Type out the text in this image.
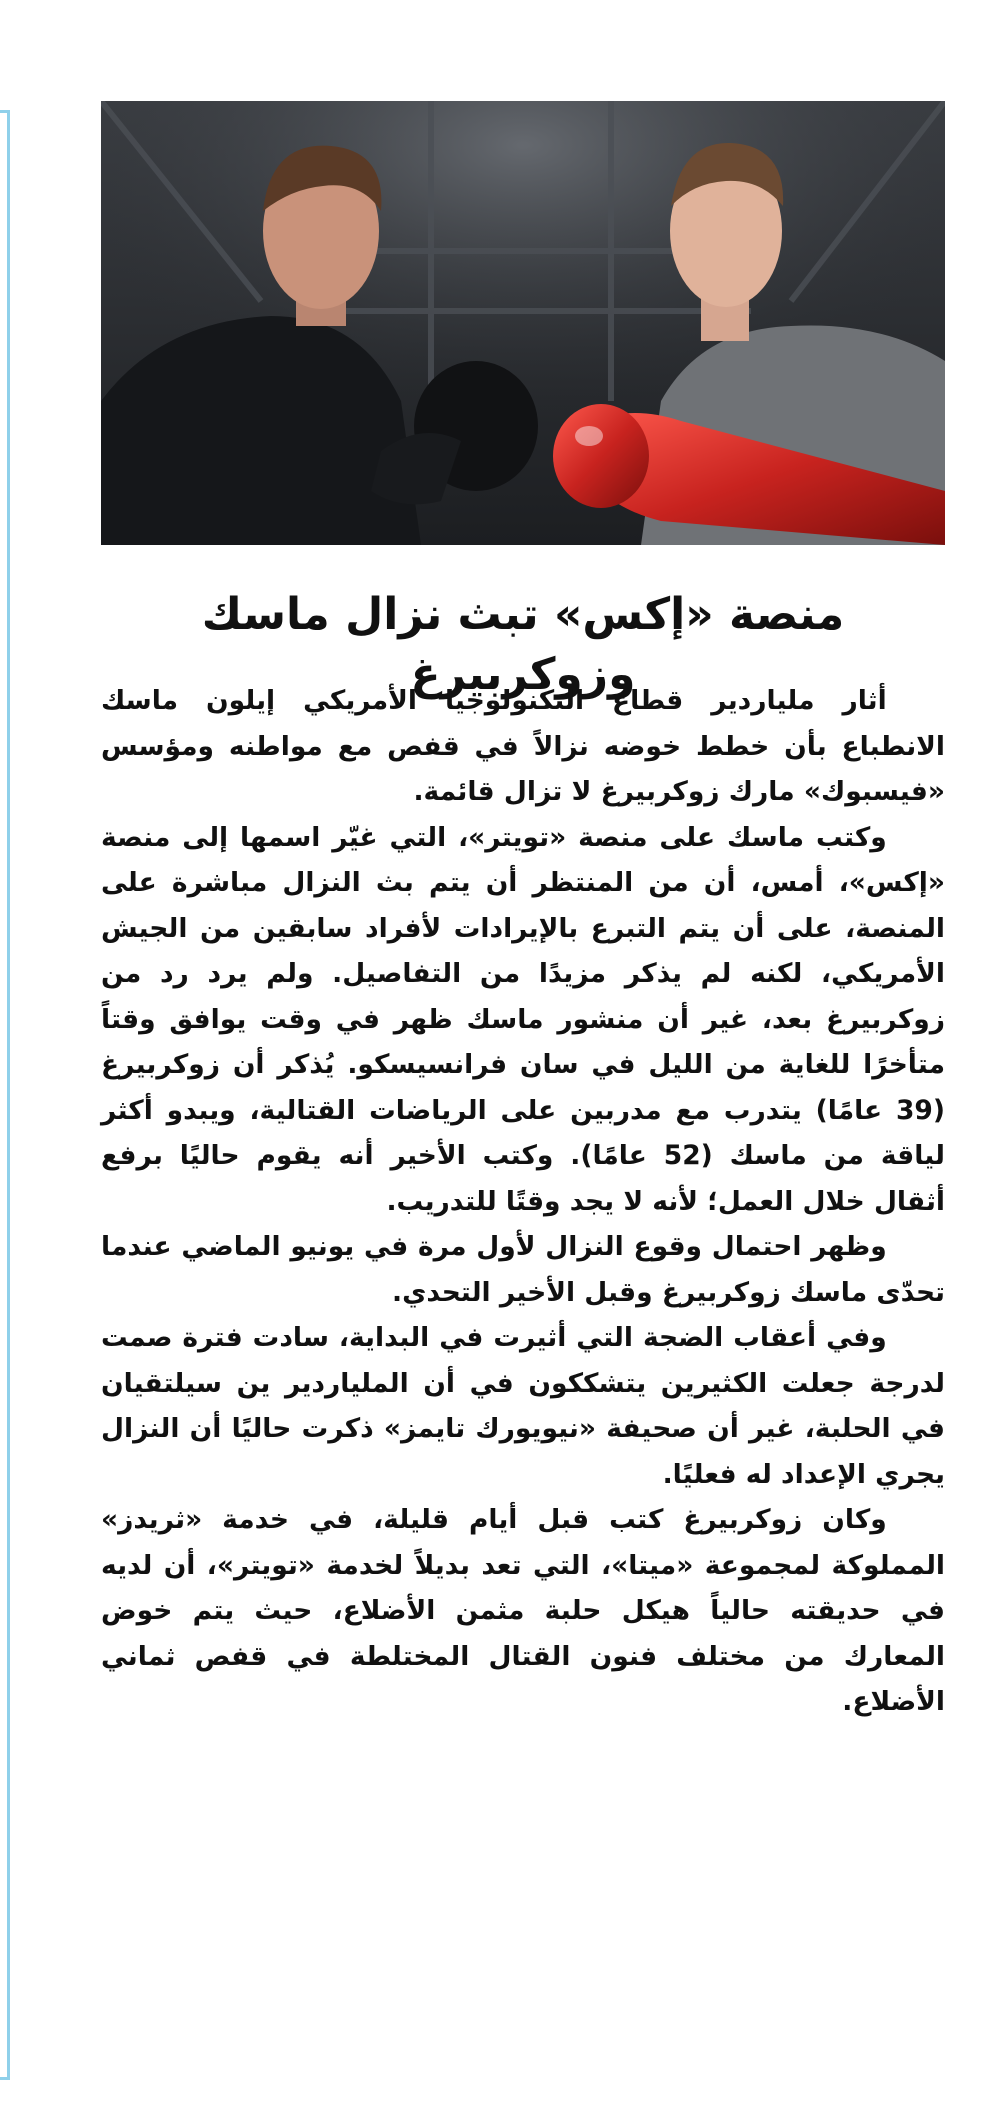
منصة «إكس» تبث نزال ماسك وزوكربيرغ

أثار ملياردير قطاع التكنولوجيا الأمريكي إيلون ماسك الانطباع بأن خطط خوضه نزالاً في قفص مع مواطنه ومؤسس «فيسبوك» مارك زوكربيرغ لا تزال قائمة.

وكتب ماسك على منصة «تويتر»، التي غيّر اسمها إلى منصة «إكس»، أمس، أن من المنتظر أن يتم بث النزال مباشرة على المنصة، على أن يتم التبرع بالإيرادات لأفراد سابقين من الجيش الأمريكي، لكنه لم يذكر مزيدًا من التفاصيل. ولم يرد رد من زوكربيرغ بعد، غير أن منشور ماسك ظهر في وقت يوافق وقتاً متأخرًا للغاية من الليل في سان فرانسيسكو. يُذكر أن زوكربيرغ (39 عامًا) يتدرب مع مدربين على الرياضات القتالية، ويبدو أكثر لياقة من ماسك (52 عامًا). وكتب الأخير أنه يقوم حاليًا برفع أثقال خلال العمل؛ لأنه لا يجد وقتًا للتدريب.

وظهر احتمال وقوع النزال لأول مرة في يونيو الماضي عندما تحدّى ماسك زوكربيرغ وقبل الأخير التحدي.

وفي أعقاب الضجة التي أثيرت في البداية، سادت فترة صمت لدرجة جعلت الكثيرين يتشككون في أن الملياردير ين سيلتقيان في الحلبة، غير أن صحيفة «نيويورك تايمز» ذكرت حاليًا أن النزال يجري الإعداد له فعليًا.

وكان زوكربيرغ كتب قبل أيام قليلة، في خدمة «ثريدز» المملوكة لمجموعة «ميتا»، التي تعد بديلاً لخدمة «تويتر»، أن لديه في حديقته حالياً هيكل حلبة مثمن الأضلاع، حيث يتم خوض المعارك من مختلف فنون القتال المختلطة في قفص ثماني الأضلاع.
